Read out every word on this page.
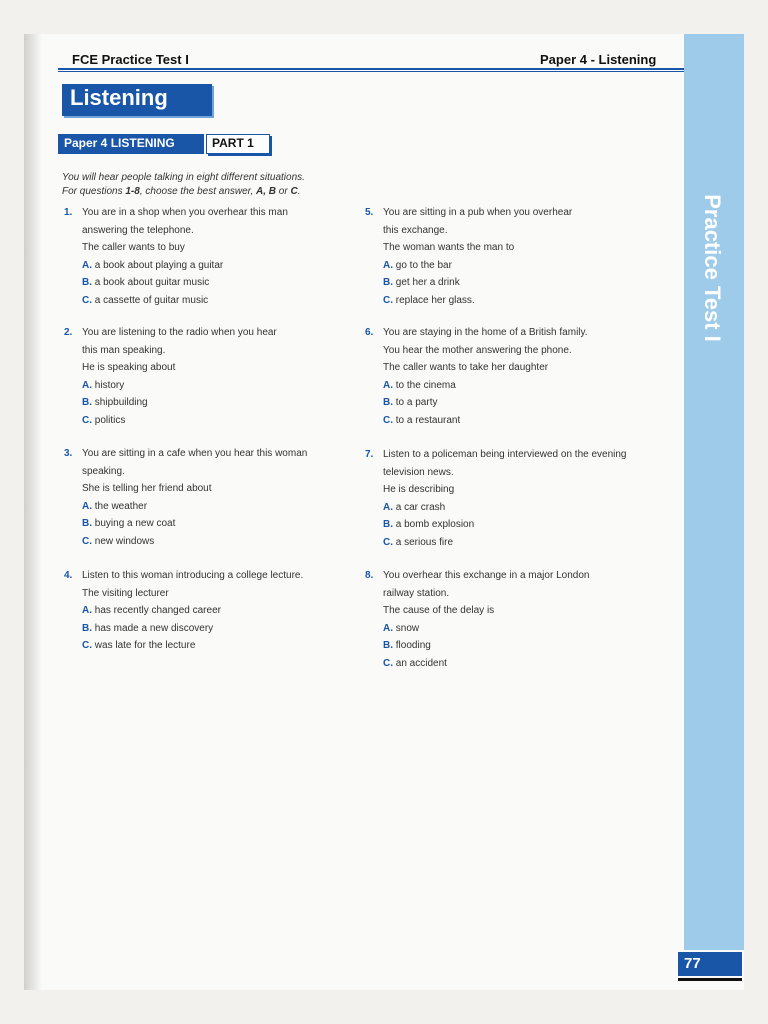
FCE Practice Test I	Paper 4 - Listening
Practice Test I
Listening
Paper 4 LISTENING	PART 1
You will hear people talking in eight different situations.
For questions 1-8, choose the best answer, A, B or C.
1. You are in a shop when you overhear this man
answering the telephone.
The caller wants to buy
A. a book about playing a guitar
B. a book about guitar music
C. a cassette of guitar music
2. You are listening to the radio when you hear
this man speaking.
He is speaking about
A. history
B. shipbuilding
C. politics
3. You are sitting in a cafe when you hear this woman
speaking.
She is telling her friend about
A. the weather
B. buying a new coat
C. new windows
4. Listen to this woman introducing a college lecture.
The visiting lecturer
A. has recently changed career
B. has made a new discovery
C. was late for the lecture
5. You are sitting in a pub when you overhear
this exchange.
The woman wants the man to
A. go to the bar
B. get her a drink
C. replace her glass.
6. You are staying in the home of a British family.
You hear the mother answering the phone.
The caller wants to take her daughter
A. to the cinema
B. to a party
C. to a restaurant
7. Listen to a policeman being interviewed on the evening
television news.
He is describing
A. a car crash
B. a bomb explosion
C. a serious fire
8. You overhear this exchange in a major London
railway station.
The cause of the delay is
A. snow
B. flooding
C. an accident
77
